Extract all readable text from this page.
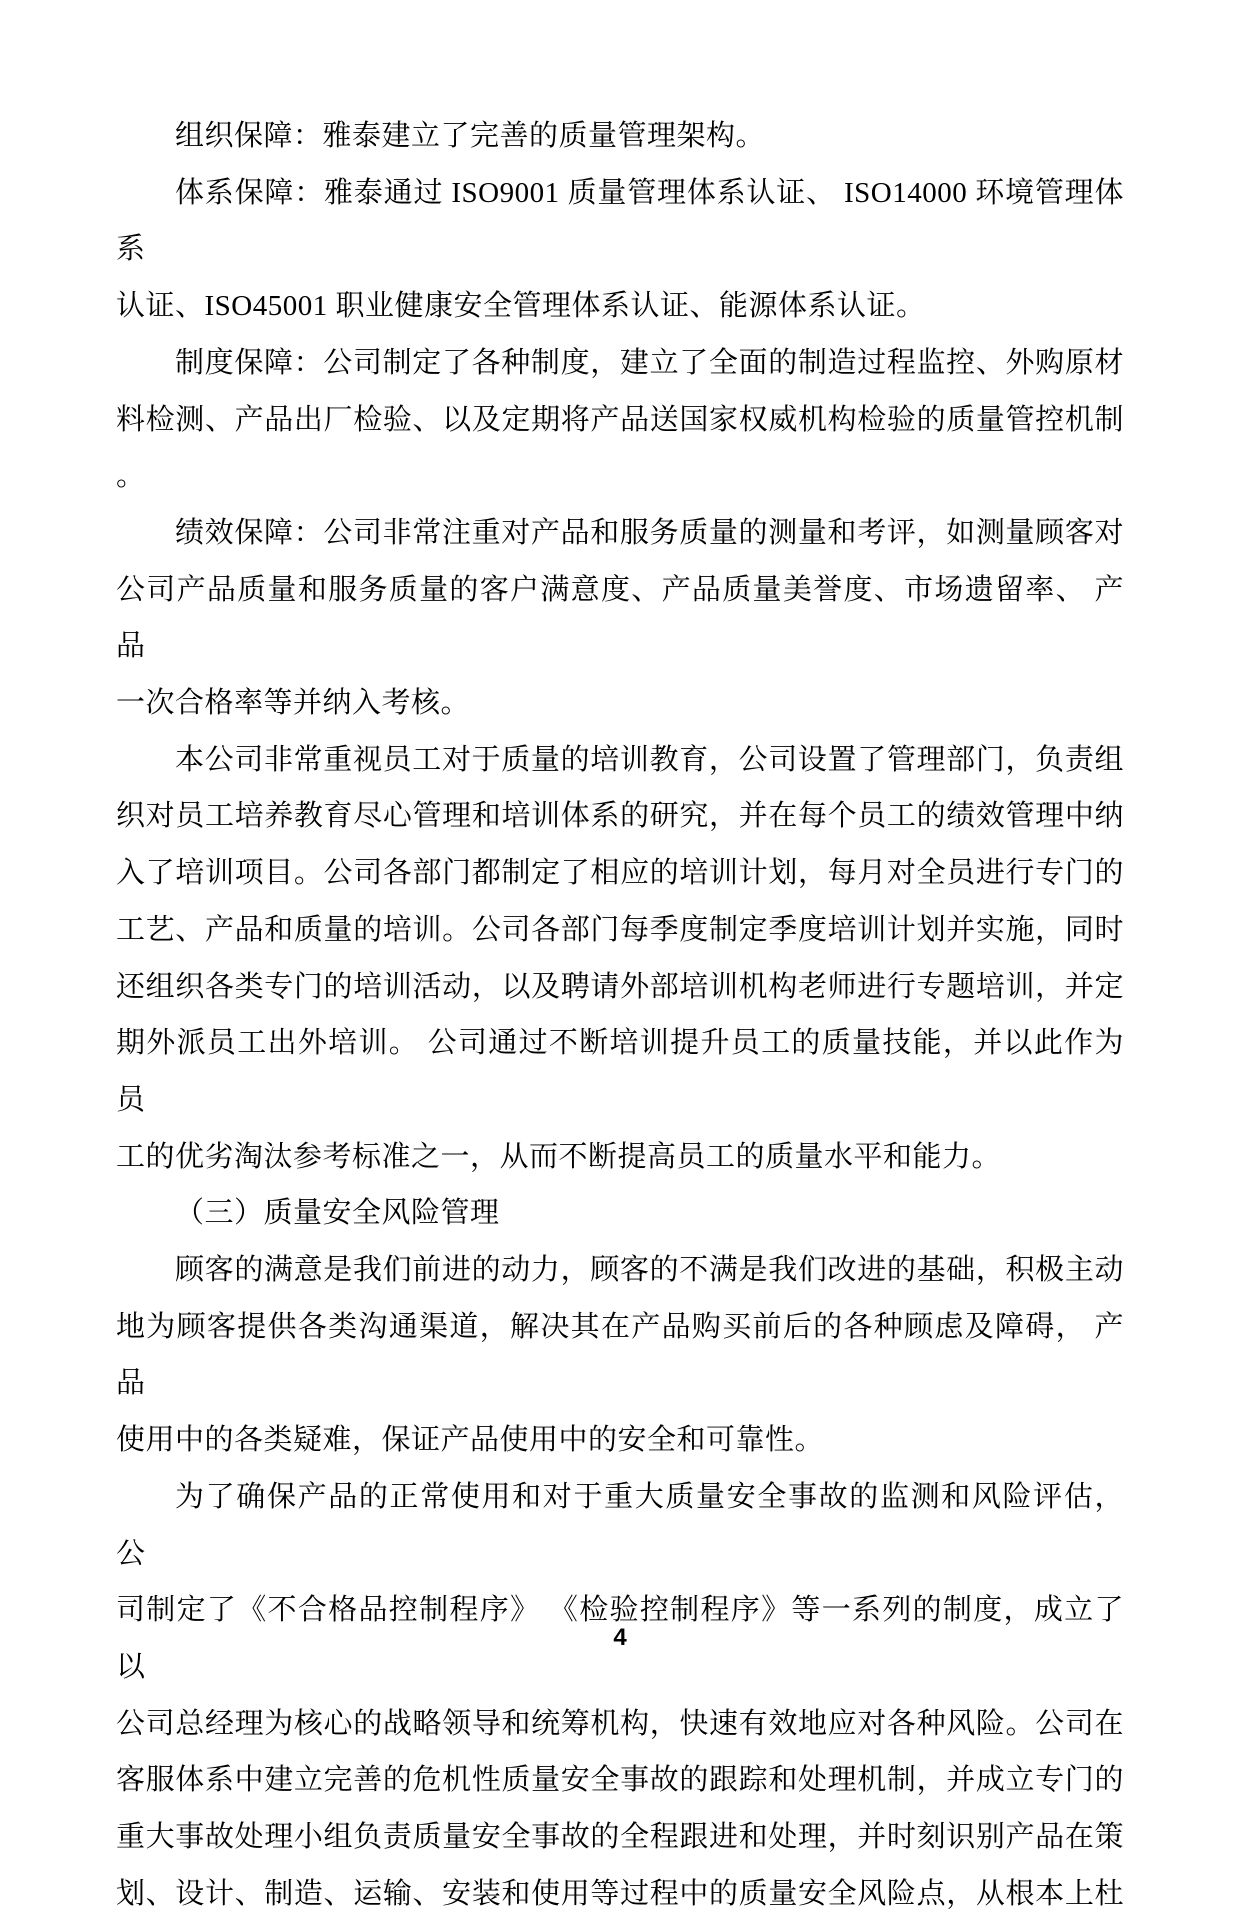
组织保障：雅泰建立了完善的质量管理架构。
体系保障：雅泰通过 ISO9001 质量管理体系认证、 ISO14000 环境管理体系
认证、ISO45001 职业健康安全管理体系认证、能源体系认证。
制度保障：公司制定了各种制度，建立了全面的制造过程监控、外购原材
料检测、产品出厂检验、以及定期将产品送国家权威机构检验的质量管控机制
。
绩效保障：公司非常注重对产品和服务质量的测量和考评，如测量顾客对
公司产品质量和服务质量的客户满意度、产品质量美誉度、市场遗留率、 产品
一次合格率等并纳入考核。
本公司非常重视员工对于质量的培训教育，公司设置了管理部门，负责组
织对员工培养教育尽心管理和培训体系的研究，并在每个员工的绩效管理中纳
入了培训项目。公司各部门都制定了相应的培训计划，每月对全员进行专门的
工艺、产品和质量的培训。公司各部门每季度制定季度培训计划并实施，同时
还组织各类专门的培训活动，以及聘请外部培训机构老师进行专题培训，并定
期外派员工出外培训。 公司通过不断培训提升员工的质量技能，并以此作为员
工的优劣淘汰参考标准之一，从而不断提高员工的质量水平和能力。
（三）质量安全风险管理
顾客的满意是我们前进的动力，顾客的不满是我们改进的基础，积极主动
地为顾客提供各类沟通渠道，解决其在产品购买前后的各种顾虑及障碍， 产品
使用中的各类疑难，保证产品使用中的安全和可靠性。
为了确保产品的正常使用和对于重大质量安全事故的监测和风险评估， 公
司制定了《不合格品控制程序》 《检验控制程序》等一系列的制度，成立了以
公司总经理为核心的战略领导和统筹机构，快速有效地应对各种风险。公司在
客服体系中建立完善的危机性质量安全事故的跟踪和处理机制，并成立专门的
重大事故处理小组负责质量安全事故的全程跟进和处理，并时刻识别产品在策
划、设计、制造、运输、安装和使用等过程中的质量安全风险点，从根本上杜
4
